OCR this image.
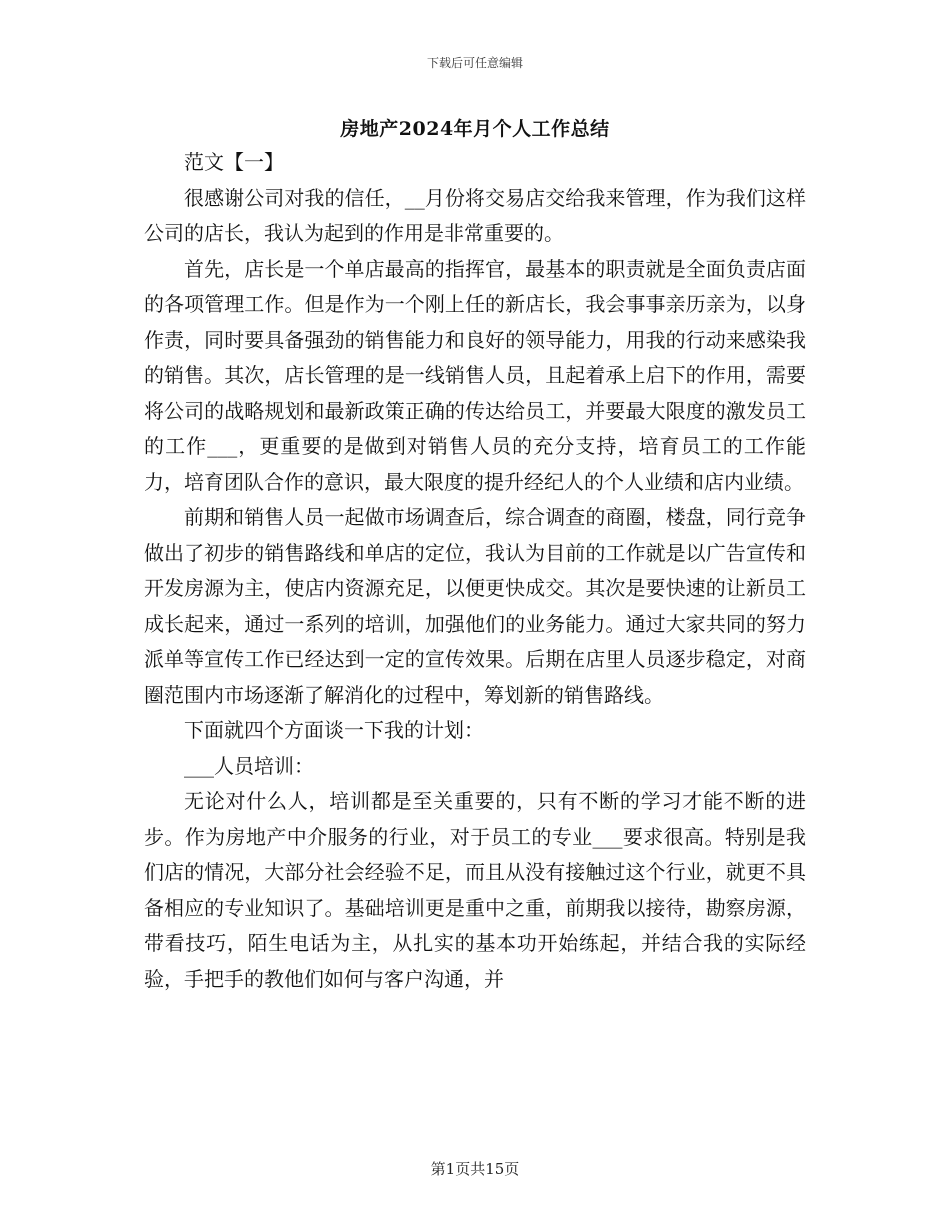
下载后可任意编辑
房地产2024年月个人工作总结

范文【一】

很感谢公司对我的信任，__月份将交易店交给我来管理，作为我们这样公司的店长，我认为起到的作用是非常重要的。

首先，店长是一个单店最高的指挥官，最基本的职责就是全面负责店面的各项管理工作。但是作为一个刚上任的新店长，我会事事亲历亲为，以身作责，同时要具备强劲的销售能力和良好的领导能力，用我的行动来感染我的销售。其次，店长管理的是一线销售人员，且起着承上启下的作用，需要将公司的战略规划和最新政策正确的传达给员工，并要最大限度的激发员工的工作___，更重要的是做到对销售人员的充分支持，培育员工的工作能力，培育团队合作的意识，最大限度的提升经纪人的个人业绩和店内业绩。

前期和销售人员一起做市场调查后，综合调查的商圈，楼盘，同行竞争做出了初步的销售路线和单店的定位，我认为目前的工作就是以广告宣传和开发房源为主，使店内资源充足，以便更快成交。其次是要快速的让新员工成长起来，通过一系列的培训，加强他们的业务能力。通过大家共同的努力派单等宣传工作已经达到一定的宣传效果。后期在店里人员逐步稳定，对商圈范围内市场逐渐了解消化的过程中，筹划新的销售路线。

下面就四个方面谈一下我的计划：

___人员培训：

无论对什么人，培训都是至关重要的，只有不断的学习才能不断的进步。作为房地产中介服务的行业，对于员工的专业___要求很高。特别是我们店的情况，大部分社会经验不足，而且从没有接触过这个行业，就更不具备相应的专业知识了。基础培训更是重中之重，前期我以接待，勘察房源，带看技巧，陌生电话为主，从扎实的基本功开始练起，并结合我的实际经验，手把手的教他们如何与客户沟通，并

第1页共15页
